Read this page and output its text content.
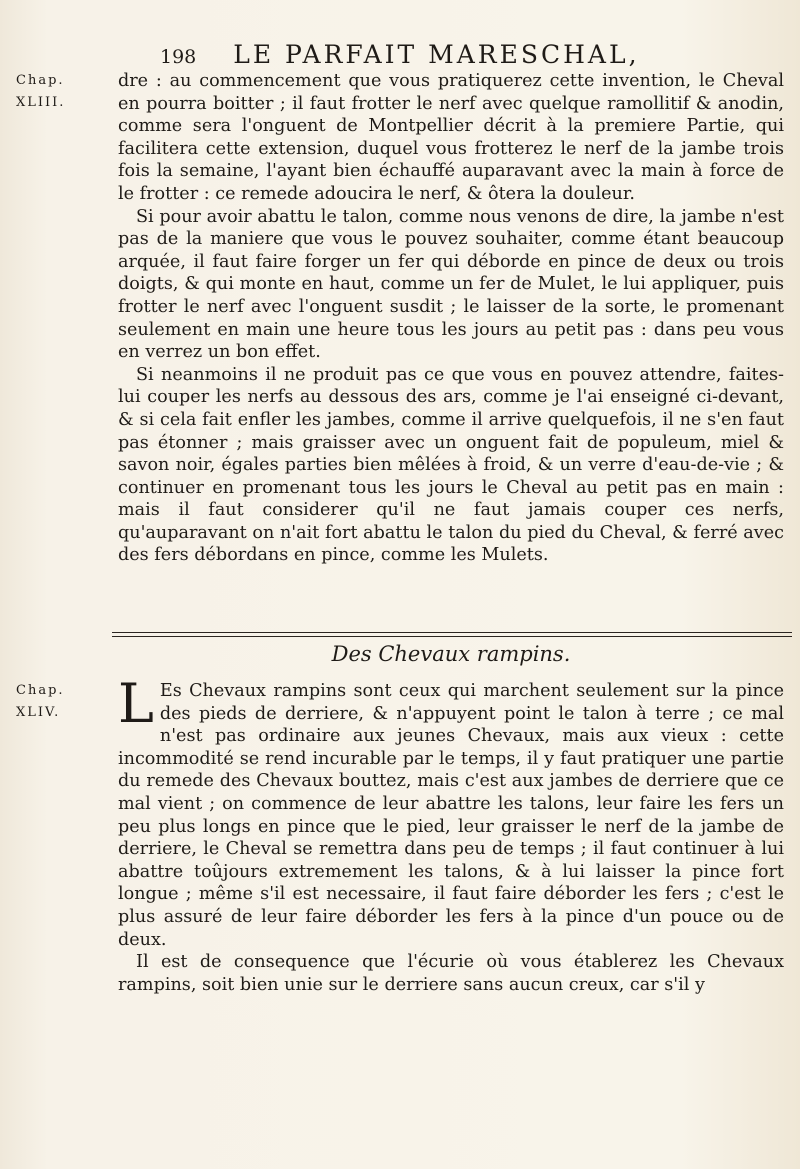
198 LE PARFAIT MARESCHAL,
Chap.
XLIII.

dre : au commencement que vous pratiquerez cette invention, le Cheval en pourra boitter ; il faut frotter le nerf avec quelque ramollitif & anodin, comme sera l'onguent de Montpellier décrit à la premiere Partie, qui facilitera cette extension, duquel vous frotterez le nerf de la jambe trois fois la semaine, l'ayant bien échauffé auparavant avec la main à force de le frotter : ce remede adoucira le nerf, & ôtera la douleur.

Si pour avoir abattu le talon, comme nous venons de dire, la jambe n'est pas de la maniere que vous le pouvez souhaiter, comme étant beaucoup arquée, il faut faire forger un fer qui déborde en pince de deux ou trois doigts, & qui monte en haut, comme un fer de Mulet, le lui appliquer, puis frotter le nerf avec l'onguent susdit ; le laisser de la sorte, le promenant seulement en main une heure tous les jours au petit pas : dans peu vous en verrez un bon effet.

Si neanmoins il ne produit pas ce que vous en pouvez attendre, faites-lui couper les nerfs au dessous des ars, comme je l'ai enseigné ci-devant, & si cela fait enfler les jambes, comme il arrive quelquefois, il ne s'en faut pas étonner ; mais graisser avec un onguent fait de populeum, miel & savon noir, égales parties bien mêlées à froid, & un verre d'eau-de-vie ; & continuer en promenant tous les jours le Cheval au petit pas en main : mais il faut considerer qu'il ne faut jamais couper ces nerfs, qu'auparavant on n'ait fort abattu le talon du pied du Cheval, & ferré avec des fers débordans en pince, comme les Mulets.

Des Chevaux rampins.
Chap.
XLIV.	L Es Chevaux rampins sont ceux qui marchent seulement sur la pince des pieds de derriere, & n'appuyent point le talon à terre ; ce mal n'est pas ordinaire aux jeunes Chevaux, mais aux vieux : cette incommodité se rend incurable par le temps, il y faut pratiquer une partie du remede des Chevaux bouttez, mais c'est aux jambes de derriere que ce mal vient ; on commence de leur abattre les talons, leur faire les fers un peu plus longs en pince que le pied, leur graisser le nerf de la jambe de derriere, le Cheval se remettra dans peu de temps ; il faut continuer à lui abattre toûjours extremement les talons, & à lui laisser la pince fort longue ; même s'il est necessaire, il faut faire déborder les fers ; c'est le plus assuré de leur faire déborder les fers à la pince d'un pouce ou de deux.

Il est de consequence que l'écurie où vous établerez les Chevaux rampins, soit bien unie sur le derriere sans aucun creux, car s'il y
